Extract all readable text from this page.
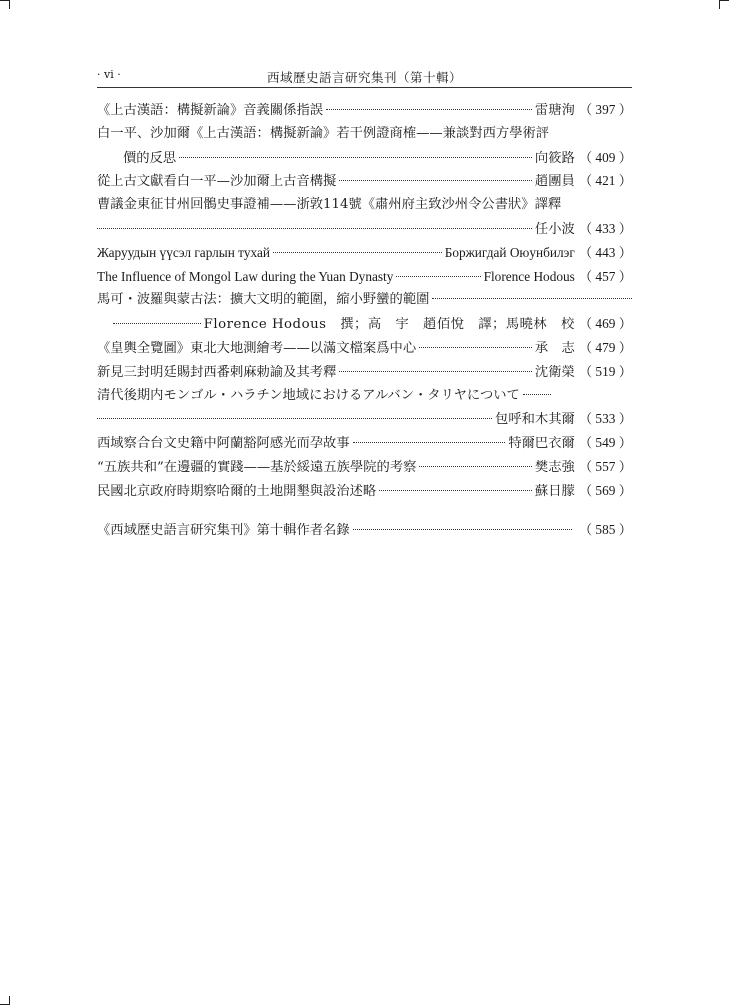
· vi ·	西域歷史語言研究集刊（第十輯）
《上古漢語：構擬新論》音義關係指誤	雷瑭洵 （ 397 ）
白一平、沙加爾《上古漢語：構擬新論》若干例證商榷——兼談對西方學術評
價的反思	向筱路 （ 409 ）
從上古文獻看白一平—沙加爾上古音構擬	趙團員 （ 421 ）
曹議金東征甘州回鶻史事證補——浙敦114號《肅州府主致沙州令公書狀》譯釋
任小波 （ 433 ）
Жаруудын үүсэл гарлын тухай	Боржигдай Оюунбилэг （ 443 ）
The Influence of Mongol Law during the Yuan Dynasty	Florence Hodous （ 457 ）
馬可・波羅與蒙古法：擴大文明的範圍，縮小野蠻的範圍
Florence Hodous　撰；高　宇　趙佰悅　譯；馬曉林　校 （ 469 ）
《皇輿全覽圖》東北大地測繪考——以滿文檔案爲中心	承　志 （ 479 ）
新見三封明廷賜封西番剌麻勅諭及其考釋	沈衛榮 （ 519 ）
清代後期内モンゴル・ハラチン地域におけるアルバン・タリヤについて
包呼和木其爾 （ 533 ）
西域察合台文史籍中阿蘭豁阿感光而孕故事	特爾巴衣爾 （ 549 ）
“五族共和”在邊疆的實踐——基於綏遠五族學院的考察	樊志強 （ 557 ）
民國北京政府時期察哈爾的土地開墾與設治述略	蘇日朦 （ 569 ）
《西域歷史語言研究集刊》第十輯作者名錄	（ 585 ）
